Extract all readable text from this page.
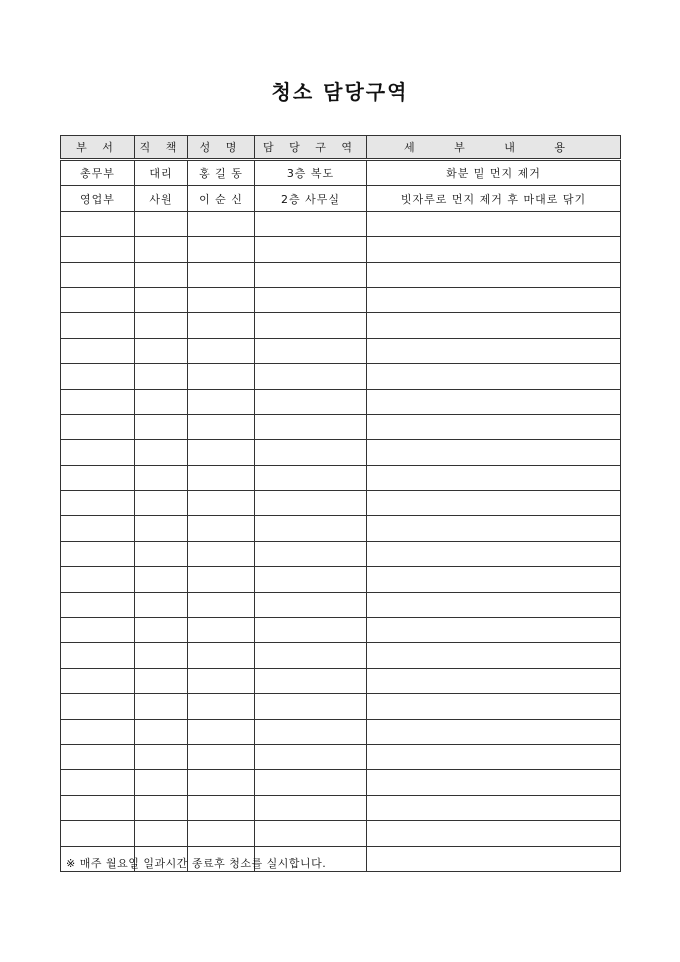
청소 담당구역
부 서	직 책	성 명	담 당 구 역	세 부 내 용
총무부	대리	홍 길 동	3층 복도	화분 밑 먼지 제거
영업부	사원	이 순 신	2층 사무실	빗자루로 먼지 제거 후 마대로 닦기

※ 매주 월요일 일과시간 종료후 청소를 실시합니다.
